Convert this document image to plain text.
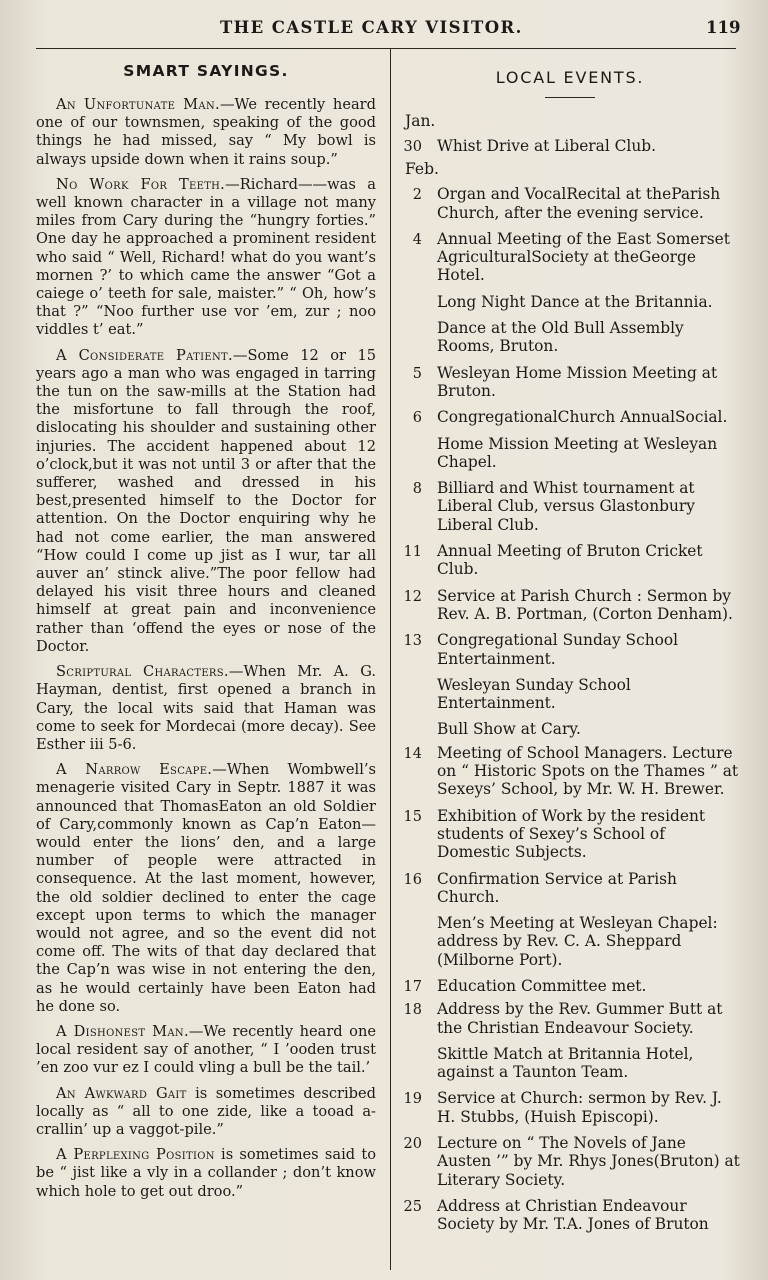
THE CASTLE CARY VISITOR.	119
SMART SAYINGS.

An Unfortunate Man.—We recently heard one of our townsmen, speaking of the good things he had missed, say “ My bowl is always upside down when it rains soup.”

No Work For Teeth.—Richard——was a well known character in a village not many miles from Cary during the “hungry forties.” One day he approached a prominent resident who said “ Well, Richard! what do you want’s mornen ?’ to which came the answer “Got a caiege o’ teeth for sale, maister.” “ Oh, how’s that ?” “Noo further use vor ’em, zur ; noo viddles t’ eat.”

A Considerate Patient.—Some 12 or 15 years ago a man who was engaged in tarring the tun on the saw-mills at the Station had the misfortune to fall through the roof, dislocating his shoulder and sustaining other injuries. The accident happened about 12 o’clock,but it was not until 3 or after that the sufferer, washed and dressed in his best,presented himself to the Doctor for attention. On the Doctor enquiring why he had not come earlier, the man answered “How could I come up jist as I wur, tar all auver an’ stinck alive.”The poor fellow had delayed his visit three hours and cleaned himself at great pain and inconvenience rather than ‘offend the eyes or nose of the Doctor.

Scriptural Characters.—When Mr. A. G. Hayman, dentist, first opened a branch in Cary, the local wits said that Haman was come to seek for Mordecai (more decay). See Esther iii 5-6.

A Narrow Escape.—When Wombwell’s menagerie visited Cary in Septr. 1887 it was announced that ThomasEaton an old Soldier of Cary,commonly known as Cap’n Eaton—would enter the lions’ den, and a large number of people were attracted in consequence. At the last moment, however, the old soldier declined to enter the cage except upon terms to which the manager would not agree, and so the event did not come off. The wits of that day declared that the Cap’n was wise in not entering the den, as he would certainly have been Eaton had he done so.

A Dishonest Man.—We recently heard one local resident say of another, “ I ’ooden trust ’en zoo vur ez I could vling a bull be the tail.’

An Awkward Gait is sometimes described locally as “ all to one zide, like a tooad a-crallin’ up a vaggot-pile.”

A Perplexing Position is sometimes said to be “ jist like a vly in a collander ; don’t know which hole to get out droo.”

LOCAL EVENTS.
Jan.
30 Whist Drive at Liberal Club.
Feb.
2 Organ and VocalRecital at theParish Church, after the evening service.
4 Annual Meeting of the East Somerset AgriculturalSociety at theGeorge Hotel.
Long Night Dance at the Britannia.
Dance at the Old Bull Assembly Rooms, Bruton.
5 Wesleyan Home Mission Meeting at Bruton.
6 CongregationalChurch AnnualSocial.
Home Mission Meeting at Wesleyan Chapel.
8 Billiard and Whist tournament at Liberal Club, versus Glastonbury Liberal Club.
11 Annual Meeting of Bruton Cricket Club.
12 Service at Parish Church : Sermon by Rev. A. B. Portman, (Corton Denham).
13 Congregational Sunday School Entertainment.
Wesleyan Sunday School Entertainment.
Bull Show at Cary.
14 Meeting of School Managers. Lecture on “ Historic Spots on the Thames ” at Sexeys’ School, by Mr. W. H. Brewer.
15 Exhibition of Work by the resident students of Sexey’s School of Domestic Subjects.
16 Confirmation Service at Parish Church.
Men’s Meeting at Wesleyan Chapel: address by Rev. C. A. Sheppard (Milborne Port).
17 Education Committee met.
18 Address by the Rev. Gummer Butt at the Christian Endeavour Society.
Skittle Match at Britannia Hotel, against a Taunton Team.
19 Service at Church: sermon by Rev. J. H. Stubbs, (Huish Episcopi).
20 Lecture on “ The Novels of Jane Austen ’” by Mr. Rhys Jones(Bruton) at Literary Society.
25 Address at Christian Endeavour Society by Mr. T.A. Jones of Bruton
